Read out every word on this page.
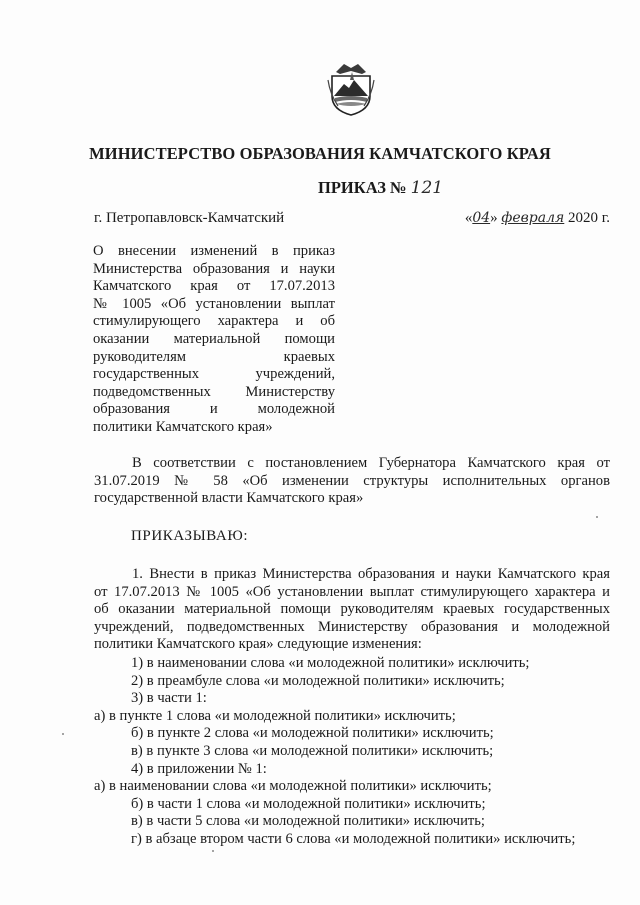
МИНИСТЕРСТВО ОБРАЗОВАНИЯ КАМЧАТСКОГО КРАЯ
ПРИКАЗ № 121
г. Петропавловск-Камчатский	«04» февраля 2020 г.
О внесении изменений в приказ
Министерства образования и науки
Камчатского края от 17.07.2013
№ 1005 «Об установлении выплат
стимулирующего характера и об
оказании материальной помощи
руководителям краевых
государственных учреждений,
подведомственных Министерству
образования и молодежной
политики Камчатского края»
В соответствии с постановлением Губернатора Камчатского края от
31.07.2019 № 58 «Об изменении структуры исполнительных органов
государственной власти Камчатского края»
ПРИКАЗЫВАЮ:
1. Внести в приказ Министерства образования и науки Камчатского края
от 17.07.2013 № 1005 «Об установлении выплат стимулирующего характера и
об оказании материальной помощи руководителям краевых государственных
учреждений, подведомственных Министерству образования и молодежной
политики Камчатского края» следующие изменения:
1) в наименовании слова «и молодежной политики» исключить;
2) в преамбуле слова «и молодежной политики» исключить;
3) в части 1:
а) в пункте 1 слова «и молодежной политики» исключить;
б) в пункте 2 слова «и молодежной политики» исключить;
в) в пункте 3 слова «и молодежной политики» исключить;
4) в приложении № 1:
а) в наименовании слова «и молодежной политики» исключить;
б) в части 1 слова «и молодежной политики» исключить;
в) в части 5 слова «и молодежной политики» исключить;
г) в абзаце втором части 6 слова «и молодежной политики» исключить;
